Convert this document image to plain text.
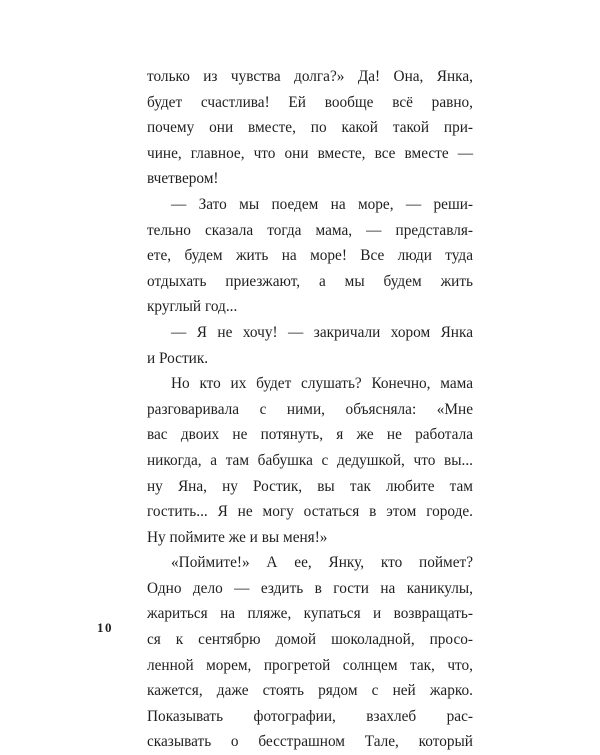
только из чувства долга?» Да! Она, Янка,
будет счастлива! Ей вообще всё равно,
почему они вместе, по какой такой при-
чине, главное, что они вместе, все вместе —
вчетвером!
— Зато мы поедем на море, — реши-
тельно сказала тогда мама, — представля-
ете, будем жить на море! Все люди туда
отдыхать приезжают, а мы будем жить
круглый год...
— Я не хочу! — закричали хором Янка
и Ростик.
Но кто их будет слушать? Конечно, мама
разговаривала с ними, объясняла: «Мне
вас двоих не потянуть, я же не работала
никогда, а там бабушка с дедушкой, что вы...
ну Яна, ну Ростик, вы так любите там
гостить... Я не могу остаться в этом городе.
Ну поймите же и вы меня!»
«Поймите!» А ее, Янку, кто поймет?
Одно дело — ездить в гости на каникулы,
жариться на пляже, купаться и возвращать-
ся к сентябрю домой шоколадной, просо-
ленной морем, прогретой солнцем так, что,
кажется, даже стоять рядом с ней жарко.
Показывать фотографии, взахлеб рас-
сказывать о бесстрашном Тале, который
10
